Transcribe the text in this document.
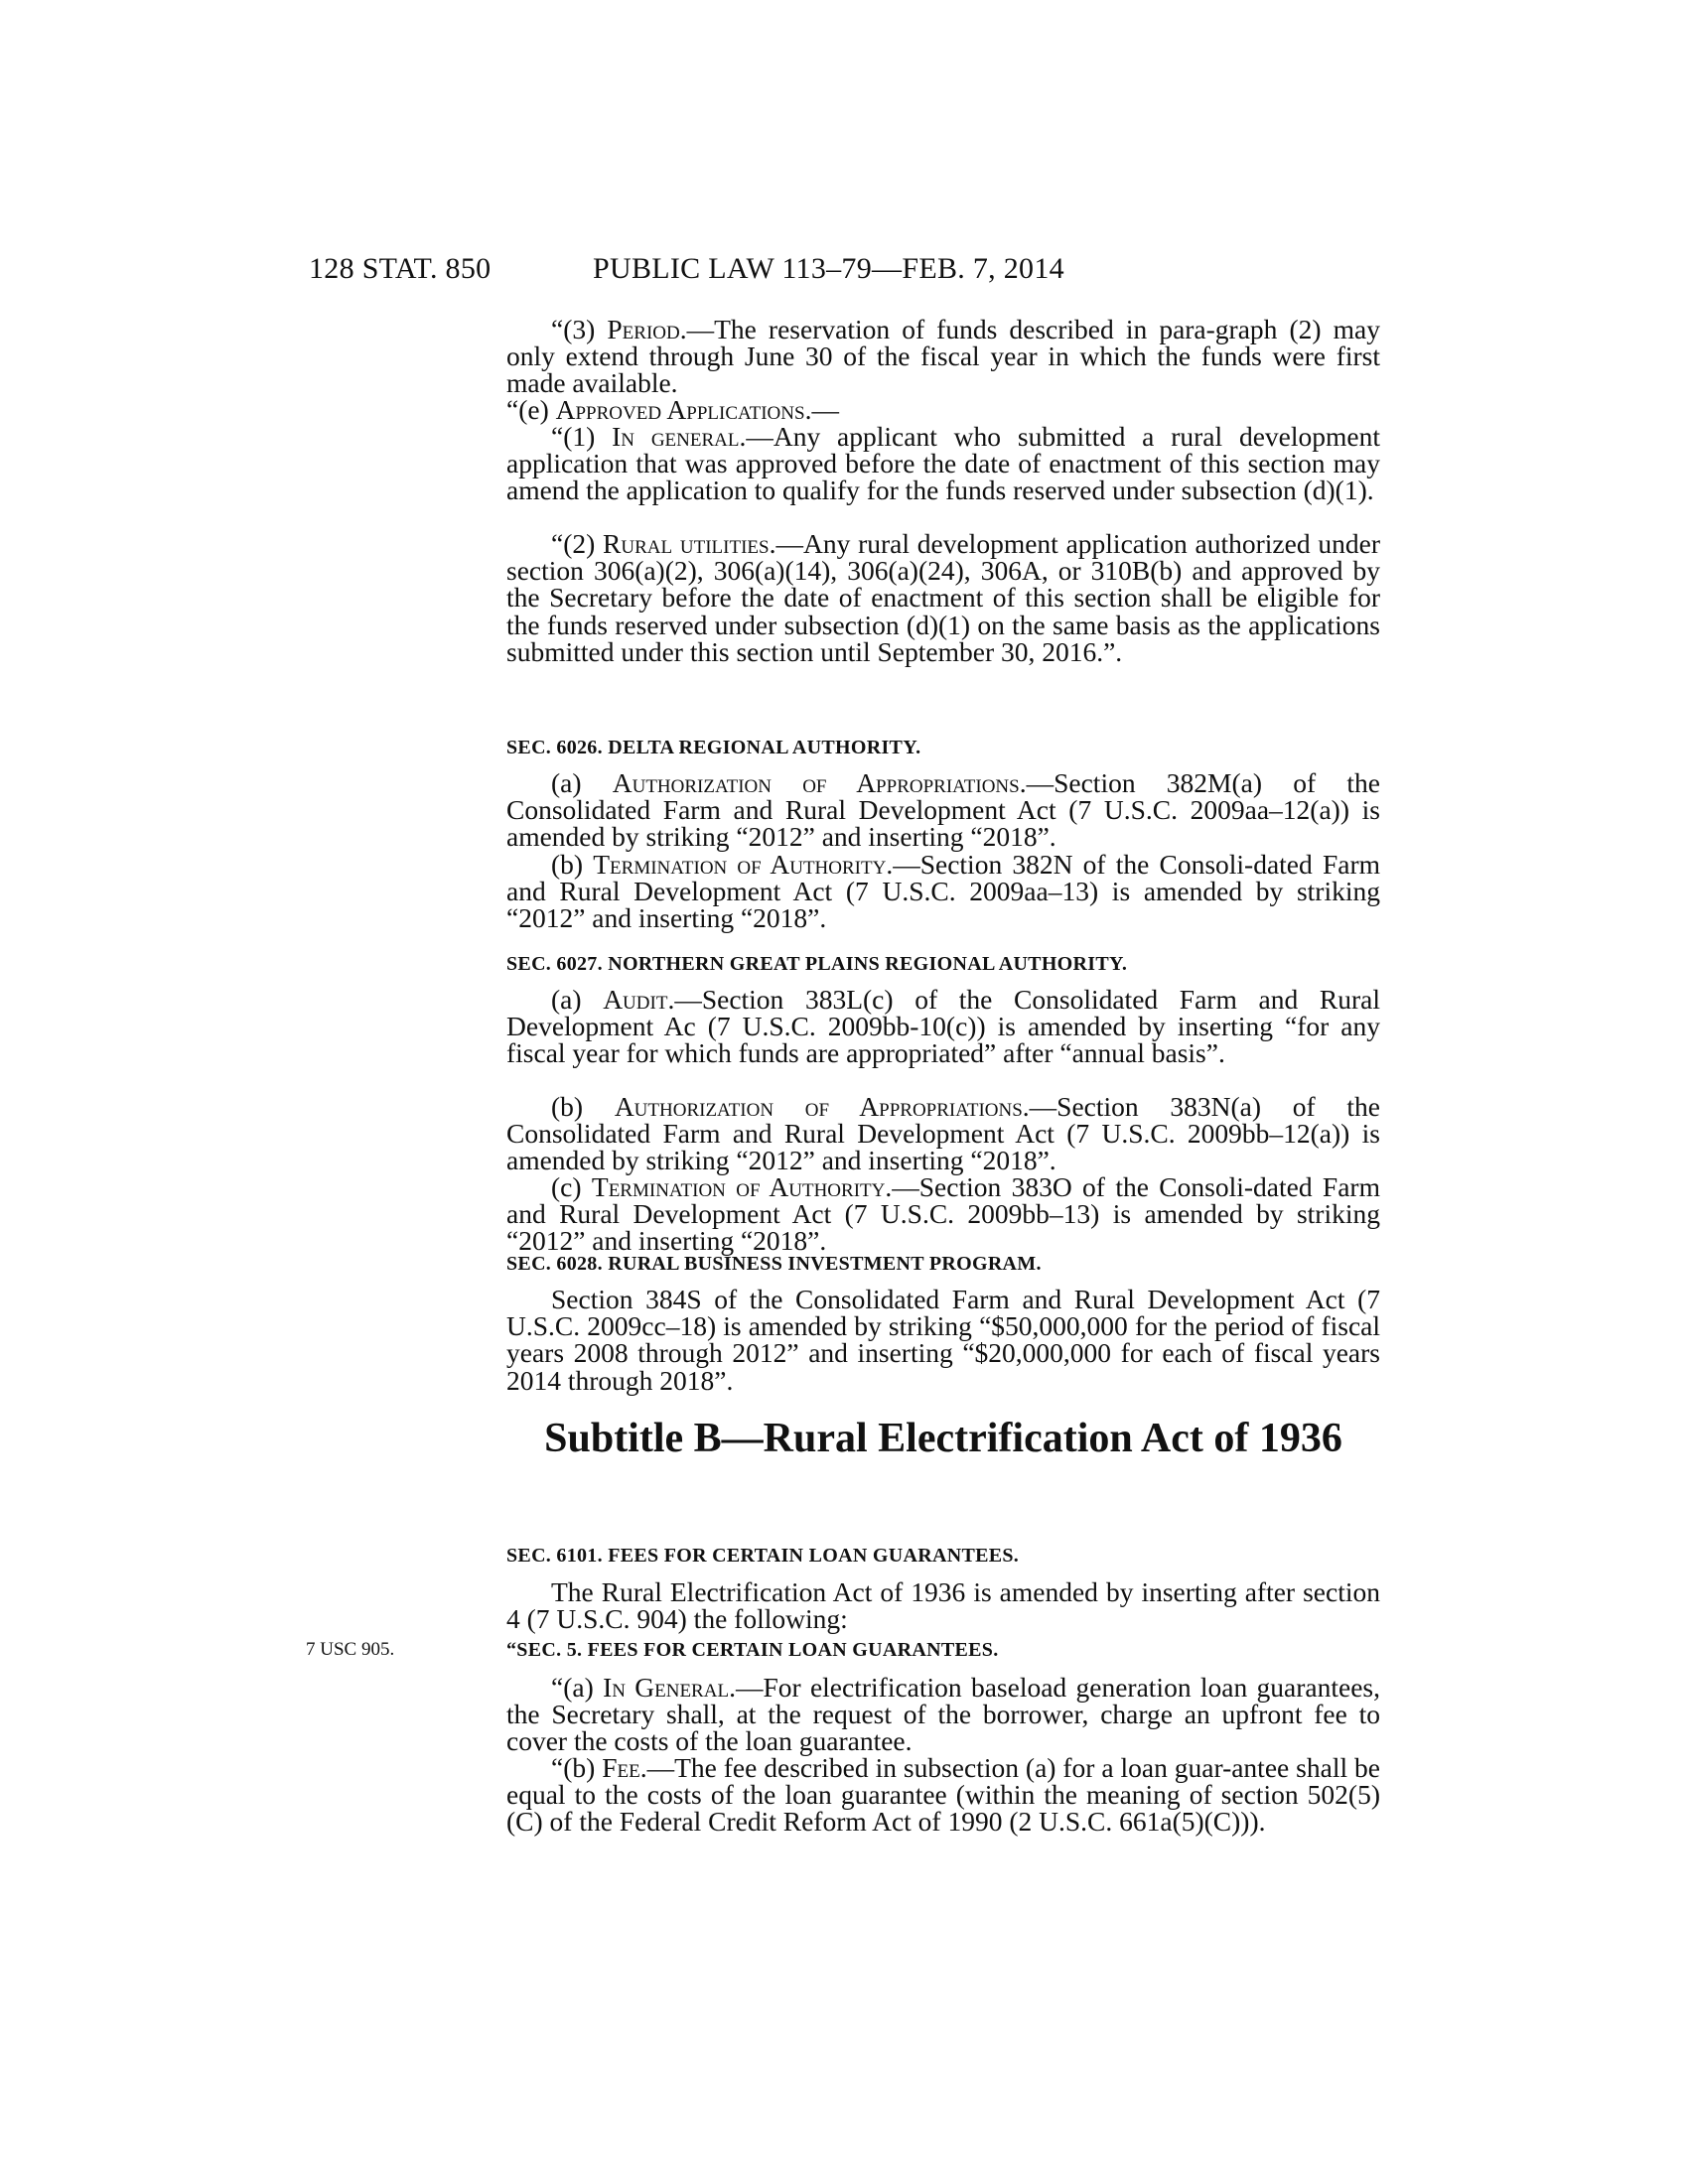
128 STAT. 850	PUBLIC LAW 113–79—FEB. 7, 2014
SEC. 6026. DELTA REGIONAL AUTHORITY.
SEC. 6027. NORTHERN GREAT PLAINS REGIONAL AUTHORITY.
SEC. 6028. RURAL BUSINESS INVESTMENT PROGRAM.
SEC. 6101. FEES FOR CERTAIN LOAN GUARANTEES.
“SEC. 5. FEES FOR CERTAIN LOAN GUARANTEES.
7 USC 905.
Subtitle B—Rural Electrification Act of 1936

“(3) Period.—The reservation of funds described in para-graph (2) may only extend through June 30 of the fiscal year in which the funds were first made available.

“(e) Approved Applications.—

“(1) In general.—Any applicant who submitted a rural development application that was approved before the date of enactment of this section may amend the application to qualify for the funds reserved under subsection (d)(1).

“(2) Rural utilities.—Any rural development application authorized under section 306(a)(2), 306(a)(14), 306(a)(24), 306A, or 310B(b) and approved by the Secretary before the date of enactment of this section shall be eligible for the funds reserved under subsection (d)(1) on the same basis as the applications submitted under this section until September 30, 2016.”.

(a) Authorization of Appropriations.—Section 382M(a) of the Consolidated Farm and Rural Development Act (7 U.S.C. 2009aa–12(a)) is amended by striking “2012” and inserting “2018”.

(b) Termination of Authority.—Section 382N of the Consoli-dated Farm and Rural Development Act (7 U.S.C. 2009aa–13) is amended by striking “2012” and inserting “2018”.

(a) Audit.—Section 383L(c) of the Consolidated Farm and Rural Development Ac (7 U.S.C. 2009bb-10(c)) is amended by inserting “for any fiscal year for which funds are appropriated” after “annual basis”.

(b) Authorization of Appropriations.—Section 383N(a) of the Consolidated Farm and Rural Development Act (7 U.S.C. 2009bb–12(a)) is amended by striking “2012” and inserting “2018”.

(c) Termination of Authority.—Section 383O of the Consoli-dated Farm and Rural Development Act (7 U.S.C. 2009bb–13) is amended by striking “2012” and inserting “2018”.

Section 384S of the Consolidated Farm and Rural Development Act (7 U.S.C. 2009cc–18) is amended by striking “$50,000,000 for the period of fiscal years 2008 through 2012” and inserting “$20,000,000 for each of fiscal years 2014 through 2018”.

The Rural Electrification Act of 1936 is amended by inserting after section 4 (7 U.S.C. 904) the following:

“(a) In General.—For electrification baseload generation loan guarantees, the Secretary shall, at the request of the borrower, charge an upfront fee to cover the costs of the loan guarantee.

“(b) Fee.—The fee described in subsection (a) for a loan guar-antee shall be equal to the costs of the loan guarantee (within the meaning of section 502(5)(C) of the Federal Credit Reform Act of 1990 (2 U.S.C. 661a(5)(C))).
